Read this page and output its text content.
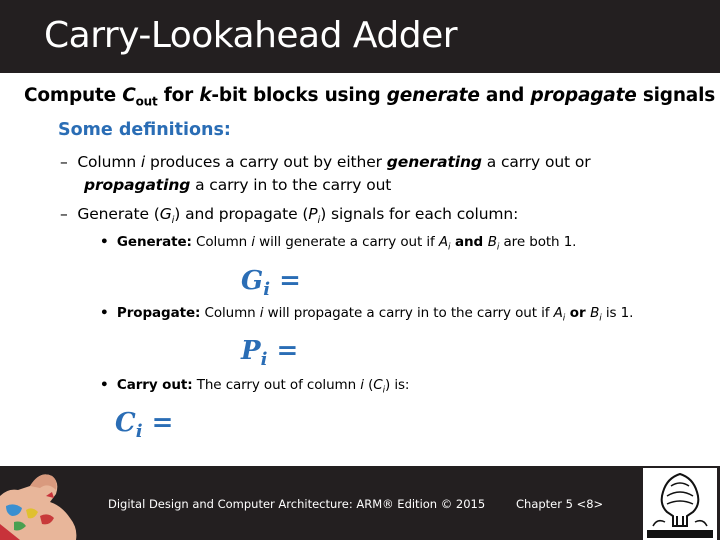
Carry-Lookahead Adder
Compute $C_{out}$ for k-bit blocks using generate and propagate signals
Some definitions:
– Column i produces a carry out by either generating a carry out or
propagating a carry in to the carry out
– Generate $(G_i)$ and propagate $(P_i)$ signals for each column:
• Generate: Column i will generate a carry out if $A_i$ and $B_i$ are both 1.
$G_i$ =
• Propagate: Column i will propagate a carry in to the carry out if $A_i$ or $B_i$ is 1.
$P_i$ =
• Carry out: The carry out of column i $(C_i)$ is:
$C_i$ =
Digital Design and Computer Architecture: ARM® Edition © 2015	Chapter 5 <8>
